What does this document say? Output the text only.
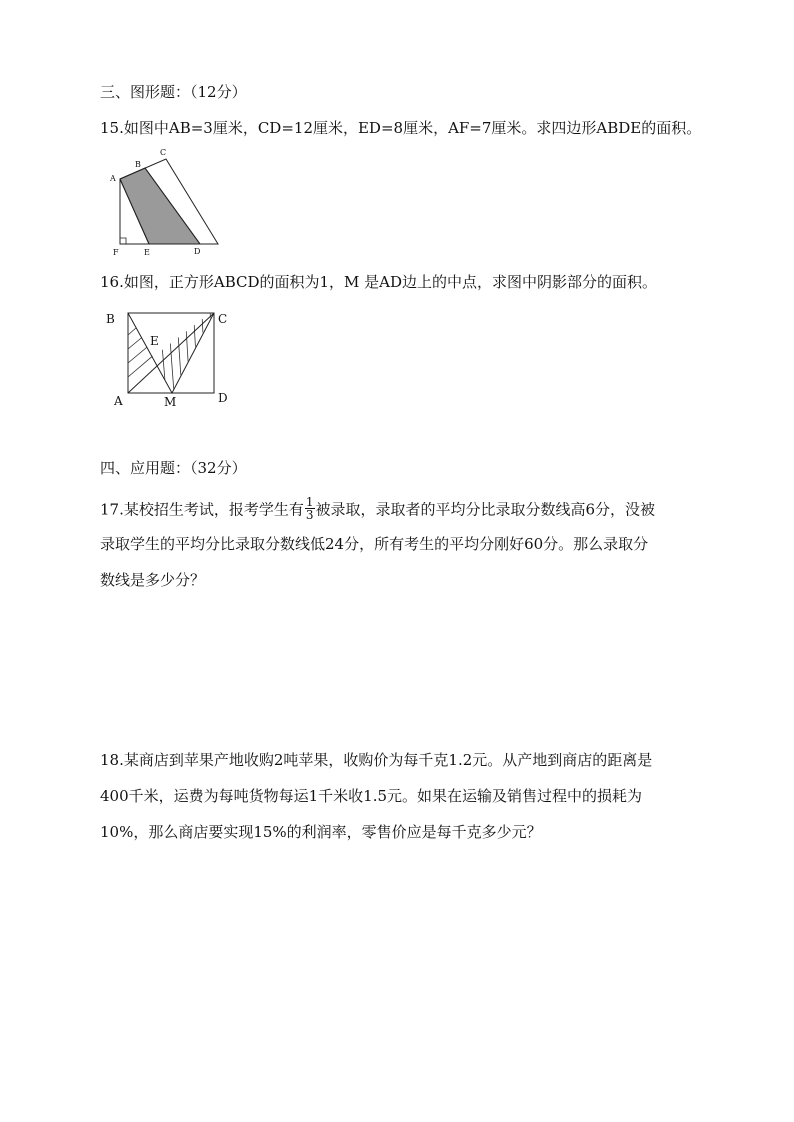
三、图形题：（12分）
15.如图中AB=3厘米，CD=12厘米，ED=8厘米，AF=7厘米。求四边形ABDE的面积。
A
B
C
D
E
F
16.如图，正方形ABCD的面积为1，M 是AD边上的中点，求图中阴影部分的面积。
B	C
E
A	M	D
四、应用题：（32分）
17.某校招生考试，报考学生有 $\frac{1}{3}$ 被录取，录取者的平均分比录取分数线高6分，没被
录取学生的平均分比录取分数线低24分，所有考生的平均分刚好60分。那么录取分
数线是多少分？
18.某商店到苹果产地收购2吨苹果，收购价为每千克1.2元。从产地到商店的距离是
400千米，运费为每吨货物每运1千米收1.5元。如果在运输及销售过程中的损耗为
10%，那么商店要实现15%的利润率，零售价应是每千克多少元？
